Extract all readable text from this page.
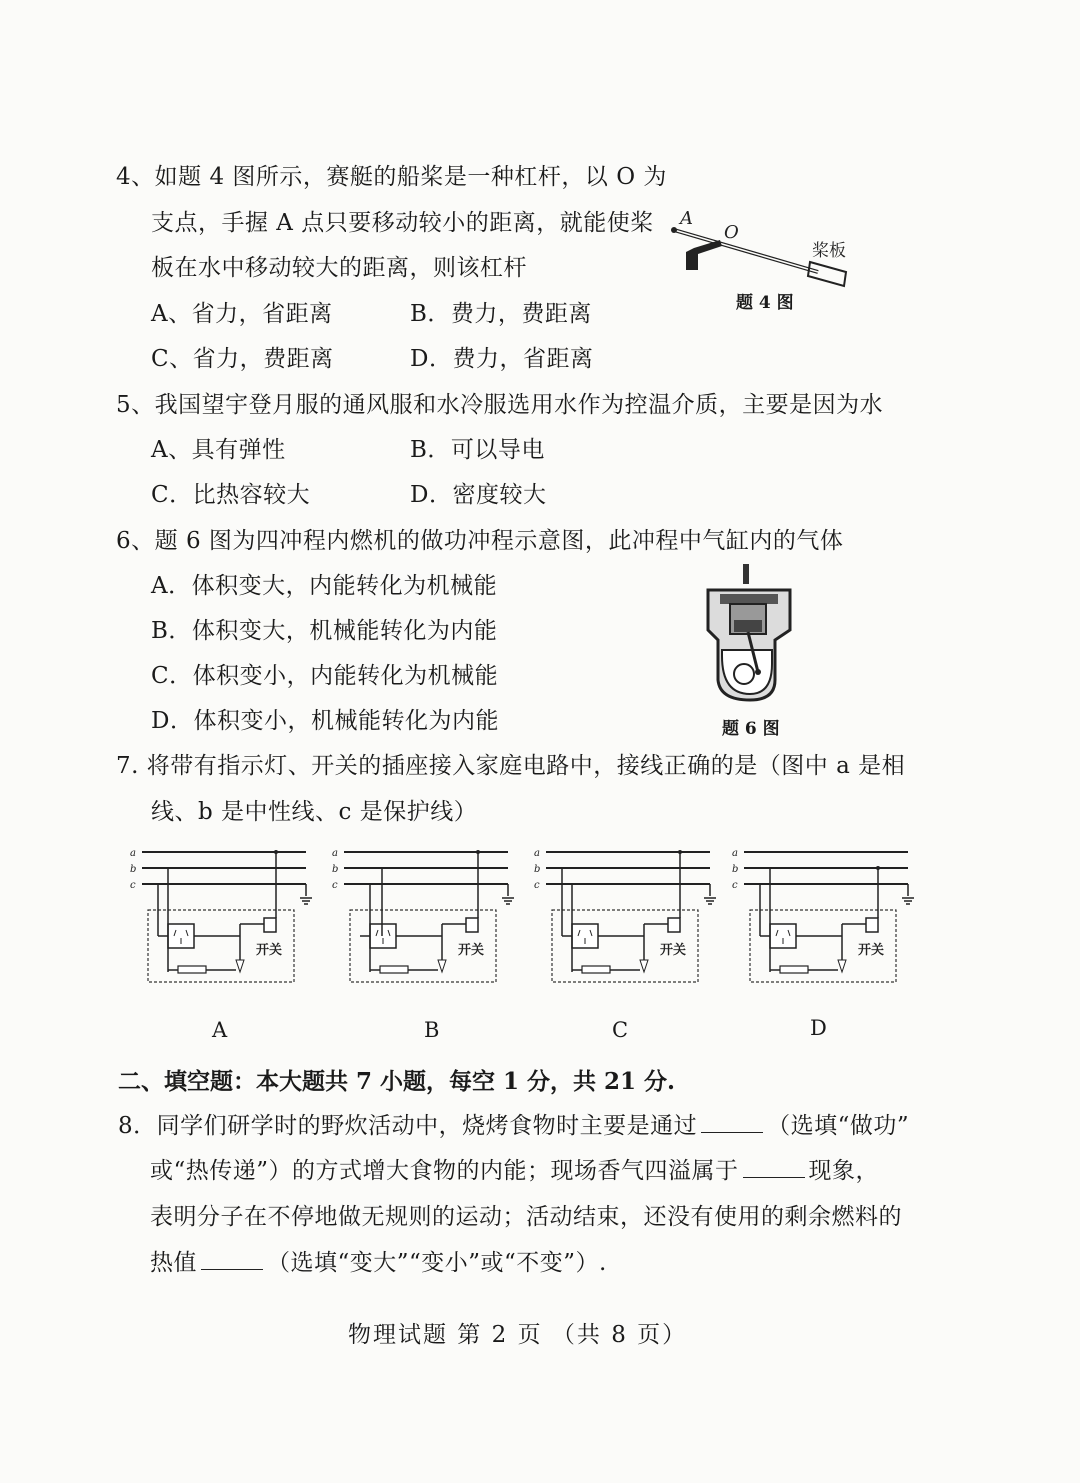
4、如题 4 图所示，赛艇的船桨是一种杠杆，以 O 为
支点，手握 A 点只要移动较小的距离，就能使桨
板在水中移动较大的距离，则该杠杆
A、省力，省距离	B．费力，费距离
C、省力，费距离	D．费力，省距离
A
O
桨板
题 4 图
5、我国望宇登月服的通风服和水冷服选用水作为控温介质，主要是因为水
A、具有弹性	B．可以导电
C．比热容较大	D．密度较大
6、题 6 图为四冲程内燃机的做功冲程示意图，此冲程中气缸内的气体
A．体积变大，内能转化为机械能
B．体积变大，机械能转化为内能
C．体积变小，内能转化为机械能
D．体积变小，机械能转化为内能	题 6 图
7. 将带有指示灯、开关的插座接入家庭电路中，接线正确的是（图中 a 是相
线、b 是中性线、c 是保护线）
a
b
c
开关
a
b
c
开关
a
b
c
开关
a
b
c
开关
A	B	C	D
二、填空题：本大题共 7 小题，每空 1 分，共 21 分.
8．同学们研学时的野炊活动中，烧烤食物时主要是通过	（选填“做功”
或“热传递”）的方式增大食物的内能；现场香气四溢属于	现象，
表明分子在不停地做无规则的运动；活动结束，还没有使用的剩余燃料的
热值	（选填“变大”“变小”或“不变”）.
物理试题 第 2 页 （共 8 页）
